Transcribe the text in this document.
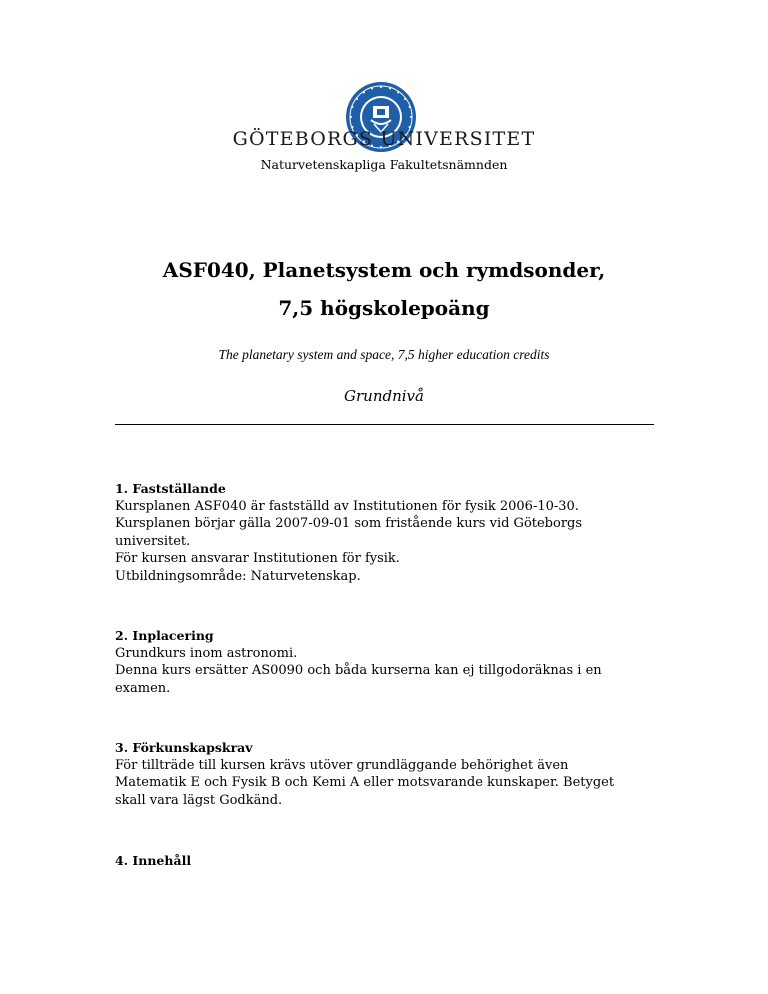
GÖTEBORGS UNIVERSITET
Naturvetenskapliga Fakultetsnämnden
ASF040, Planetsystem och rymdsonder,
7,5 högskolepoäng
The planetary system and space, 7,5 higher education credits
Grundnivå
1. Fastställande

Kursplanen ASF040 är fastställd av Institutionen för fysik 2006-10-30.

Kursplanen börjar gälla 2007-09-01 som fristående kurs vid Göteborgs

universitet.

För kursen ansvarar Institutionen för fysik.

Utbildningsområde: Naturvetenskap.

2. Inplacering

Grundkurs inom astronomi.

Denna kurs ersätter AS0090 och båda kurserna kan ej tillgodoräknas i en

examen.

3. Förkunskapskrav

För tillträde till kursen krävs utöver grundläggande behörighet även

Matematik E och Fysik B och Kemi A eller motsvarande kunskaper. Betyget

skall vara lägst Godkänd.

4. Innehåll
